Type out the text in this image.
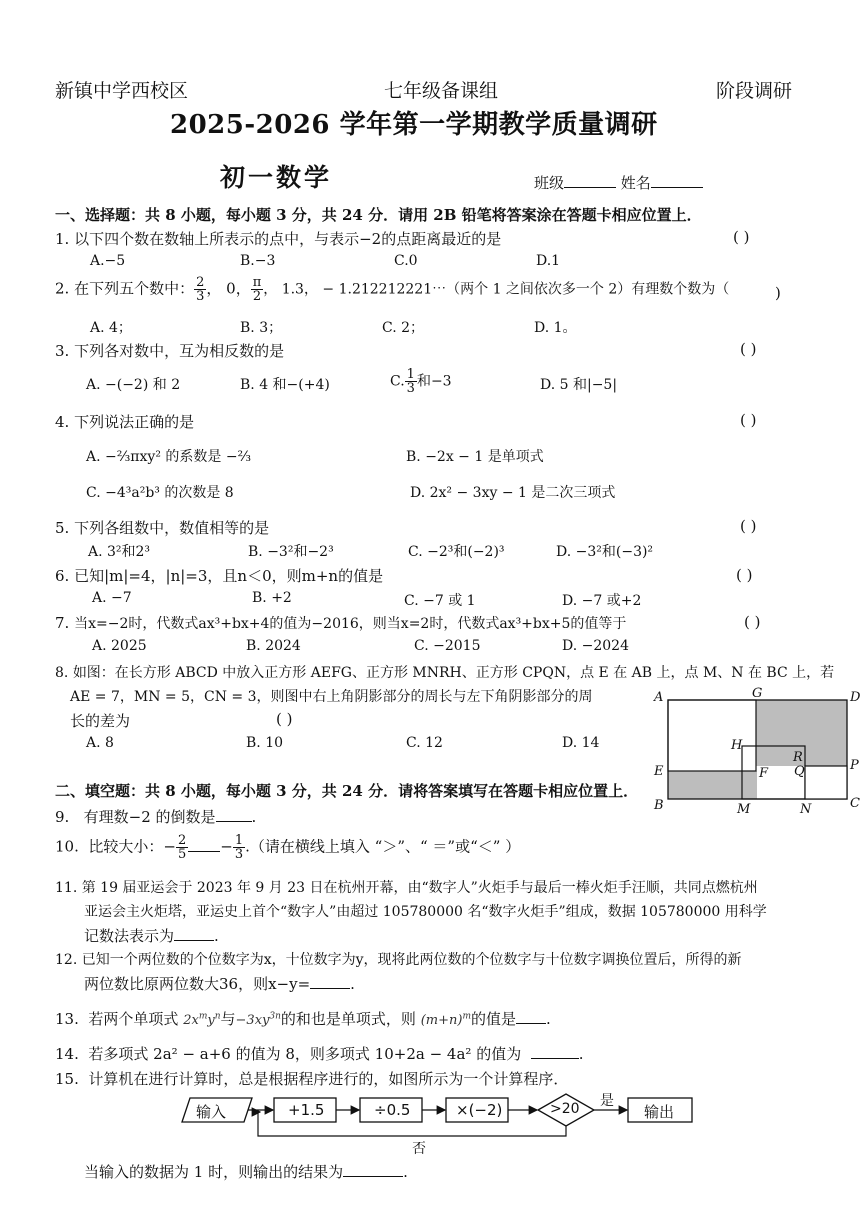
新镇中学西校区	七年级备课组	阶段调研
2025-2026 学年第一学期教学质量调研
初一数学	班级	姓名
一、选择题：共 8 小题，每小题 3 分，共 24 分．请用 2B 铅笔将答案涂在答题卡相应位置上．
1. 以下四个数在数轴上所表示的点中，与表示−2的点距离最近的是	( )
A.−5	B.−3	C.0	D.1
2. 在下列五个数中： $\frac{2}{3}$ ， 0， $\frac{\pi}{2}$ ， 1.3， − 1.212212221⋯（两个 1 之间依次多一个 2）有理数个数为（	)
A. 4；	B. 3；	C. 2；	D. 1。
3. 下列各对数中，互为相反数的是	( )
A. −(−2) 和 2	B. 4 和−(+4)	C. $\frac{1}{3}$ 和−3	D. 5 和|−5|
4. 下列说法正确的是	( )
A. −⅔πxy² 的系数是 −⅔	B. −2x − 1 是单项式
C. −4³a²b³ 的次数是 8	D. 2x² − 3xy − 1 是二次三项式
5. 下列各组数中，数值相等的是	( )
A. 3²和2³	B. −3²和−2³	C. −2³和(−2)³	D. −3²和(−3)²
6. 已知|m|=4，|n|=3，且n＜0，则m+n的值是	( )
A. −7	B. +2	C. −7 或 1	D. −7 或+2
7. 当x=−2时，代数式ax³+bx+4的值为−2016，则当x=2时，代数式ax³+bx+5的值等于	( )
A. 2025	B. 2024	C. −2015	D. −2024
8. 如图：在长方形 ABCD 中放入正方形 AEFG、正方形 MNRH、正方形 CPQN，点 E 在 AB 上，点 M、N 在 BC 上，若
AE = 7，MN = 5，CN = 3，则图中右上角阴影部分的周长与左下角阴影部分的周
长的差为	( )
A. 8	B. 10	C. 12	D. 14
A	G	D
H
R
E	F Q	P
B	M	N	C
二、填空题：共 8 小题，每小题 3 分，共 24 分．请将答案填写在答题卡相应位置上．
9. 有理数−2 的倒数是 .
10. 比较大小：− $\frac{2}{5} - \frac{1}{3}$ .（请在横线上填入 “＞”、“ ＝”或“＜” ）
11. 第 19 届亚运会于 2023 年 9 月 23 日在杭州开幕，由“数字人”火炬手与最后一棒火炬手汪顺，共同点燃杭州
亚运会主火炬塔，亚运史上首个“数字人”由超过 105780000 名“数字火炬手”组成，数据 105780000 用科学
记数法表示为	.
12. 已知一个两位数的个位数字为x，十位数字为y，现将此两位数的个位数字与十位数字调换位置后，所得的新
两位数比原两位数大36，则x−y=	.
13. 若两个单项式 $2x^my^n$与$-3xy^{3n}$的和也是单项式，则 $(m+n)^m$的值是 .
14. 若多项式 2a² − a+6 的值为 8，则多项式 10+2a − 4a² 的值为	.
15. 计算机在进行计算时，总是根据程序进行的，如图所示为一个计算程序．
输入	+1.5	÷0.5	×(−2)	>20 是
否
输出
当输入的数据为 1 时，则输出的结果为	.
